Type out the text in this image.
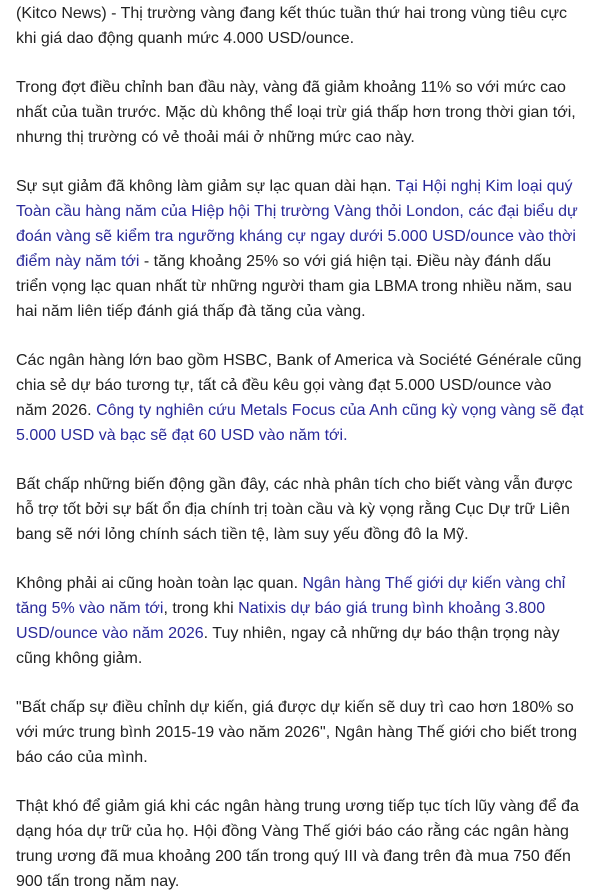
(Kitco News) - Thị trường vàng đang kết thúc tuần thứ hai trong vùng tiêu cực khi giá dao động quanh mức 4.000 USD/ounce.

Trong đợt điều chỉnh ban đầu này, vàng đã giảm khoảng 11% so với mức cao nhất của tuần trước. Mặc dù không thể loại trừ giá thấp hơn trong thời gian tới, nhưng thị trường có vẻ thoải mái ở những mức cao này.

Sự sụt giảm đã không làm giảm sự lạc quan dài hạn. Tại Hội nghị Kim loại quý Toàn cầu hàng năm của Hiệp hội Thị trường Vàng thỏi London, các đại biểu dự đoán vàng sẽ kiểm tra ngưỡng kháng cự ngay dưới 5.000 USD/ounce vào thời điểm này năm tới - tăng khoảng 25% so với giá hiện tại. Điều này đánh dấu triển vọng lạc quan nhất từ những người tham gia LBMA trong nhiều năm, sau hai năm liên tiếp đánh giá thấp đà tăng của vàng.

Các ngân hàng lớn bao gồm HSBC, Bank of America và Société Générale cũng chia sẻ dự báo tương tự, tất cả đều kêu gọi vàng đạt 5.000 USD/ounce vào năm 2026. Công ty nghiên cứu Metals Focus của Anh cũng kỳ vọng vàng sẽ đạt 5.000 USD và bạc sẽ đạt 60 USD vào năm tới.

Bất chấp những biến động gần đây, các nhà phân tích cho biết vàng vẫn được hỗ trợ tốt bởi sự bất ổn địa chính trị toàn cầu và kỳ vọng rằng Cục Dự trữ Liên bang sẽ nới lỏng chính sách tiền tệ, làm suy yếu đồng đô la Mỹ.

Không phải ai cũng hoàn toàn lạc quan. Ngân hàng Thế giới dự kiến vàng chỉ tăng 5% vào năm tới, trong khi Natixis dự báo giá trung bình khoảng 3.800 USD/ounce vào năm 2026. Tuy nhiên, ngay cả những dự báo thận trọng này cũng không giảm.

"Bất chấp sự điều chỉnh dự kiến, giá được dự kiến sẽ duy trì cao hơn 180% so với mức trung bình 2015-19 vào năm 2026", Ngân hàng Thế giới cho biết trong báo cáo của mình.

Thật khó để giảm giá khi các ngân hàng trung ương tiếp tục tích lũy vàng để đa dạng hóa dự trữ của họ. Hội đồng Vàng Thế giới báo cáo rằng các ngân hàng trung ương đã mua khoảng 200 tấn trong quý III và đang trên đà mua 750 đến 900 tấn trong năm nay.
